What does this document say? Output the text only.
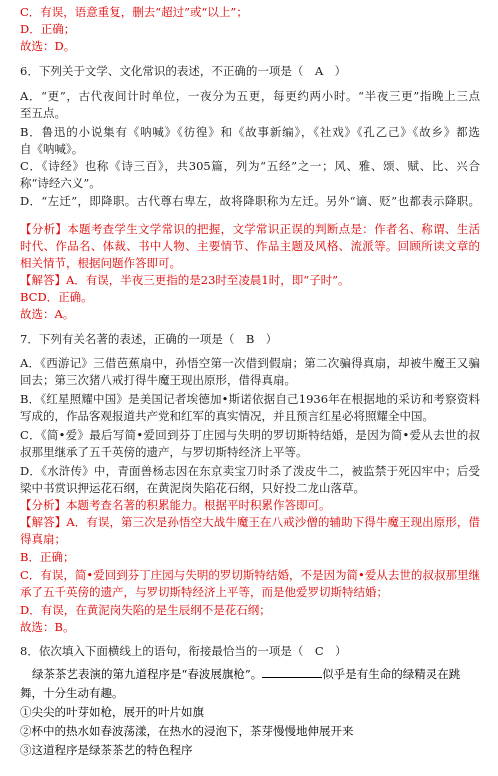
C．有误，语意重复，删去“超过”或“以上”；
D．正确；
故选：D。
6．下列关于文学、文化常识的表述，不正确的一项是（　A　）
A．“更”，古代夜间计时单位，一夜分为五更，每更约两小时。“半夜三更”指晚上三点
至五点。
B．鲁迅的小说集有《呐喊》《彷徨》和《故事新编》，《社戏》《孔乙己》《故乡》都选
自《呐喊》。
C．《诗经》也称《诗三百》，共305篇，列为“五经”之一；风、雅、颂、赋、比、兴合
称“诗经六义”。
D．“左迁”，即降职。古代尊右卑左，故将降职称为左迁。另外“谪、贬”也都表示降职。
【分析】本题考查学生文学常识的把握，文学常识正误的判断点是：作者名、称谓、生活
时代、作品名、体裁、书中人物、主要情节、作品主题及风格、流派等。回顾所读文章的
相关情节，根据问题作答即可。
【解答】A．有误，半夜三更指的是23时至凌晨1时，即“子时”。
BCD．正确。
故选：A。
7．下列有关名著的表述，正确的一项是（　B　）
A．《西游记》三借芭蕉扇中，孙悟空第一次借到假扇；第二次骗得真扇，却被牛魔王又骗
回去；第三次猪八戒打得牛魔王现出原形，借得真扇。
B．《红星照耀中国》是美国记者埃德加•斯诺依据自己1936年在根据地的采访和考察资料
写成的，作品客观报道共产党和红军的真实情况，并且预言红星必将照耀全中国。
C．《简•爱》最后写简•爱回到芬丁庄园与失明的罗切斯特结婚，是因为简•爱从去世的叔
叔那里继承了五千英傍的遗产，与罗切斯特经济上平等。
D．《水浒传》中，青面兽杨志因在东京卖宝刀时杀了泼皮牛二，被监禁于死囚牢中；后受
梁中书赏识押运花石纲，在黄泥岗失陷花石纲，只好投二龙山落草。
【分析】本题考查名著的积累能力。根据平时积累作答即可。
【解答】A．有误，第三次是孙悟空大战牛魔王在八戒沙僧的辅助下得牛魔王现出原形，借
得真扇；
B．正确；
C．有误，简•爱回到芬丁庄园与失明的罗切斯特结婚，不是因为简•爱从去世的叔叔那里继
承了五千英傍的遗产，与罗切斯特经济上平等，而是他爱罗切斯特结婚；
D．有误，在黄泥岗失陷的是生辰纲不是花石纲；
故选：B。
8．依次填入下面横线上的语句，衔接最恰当的一项是（　C　）
绿茶茶艺表演的第九道程序是“春波展旗枪”。	似乎是有生命的绿精灵在跳
舞，十分生动有趣。
①尖尖的叶芽如枪，展开的叶片如旗
②杯中的热水如春波荡漾，在热水的浸泡下，茶芽慢慢地伸展开来
③这道程序是绿茶茶艺的特色程序
